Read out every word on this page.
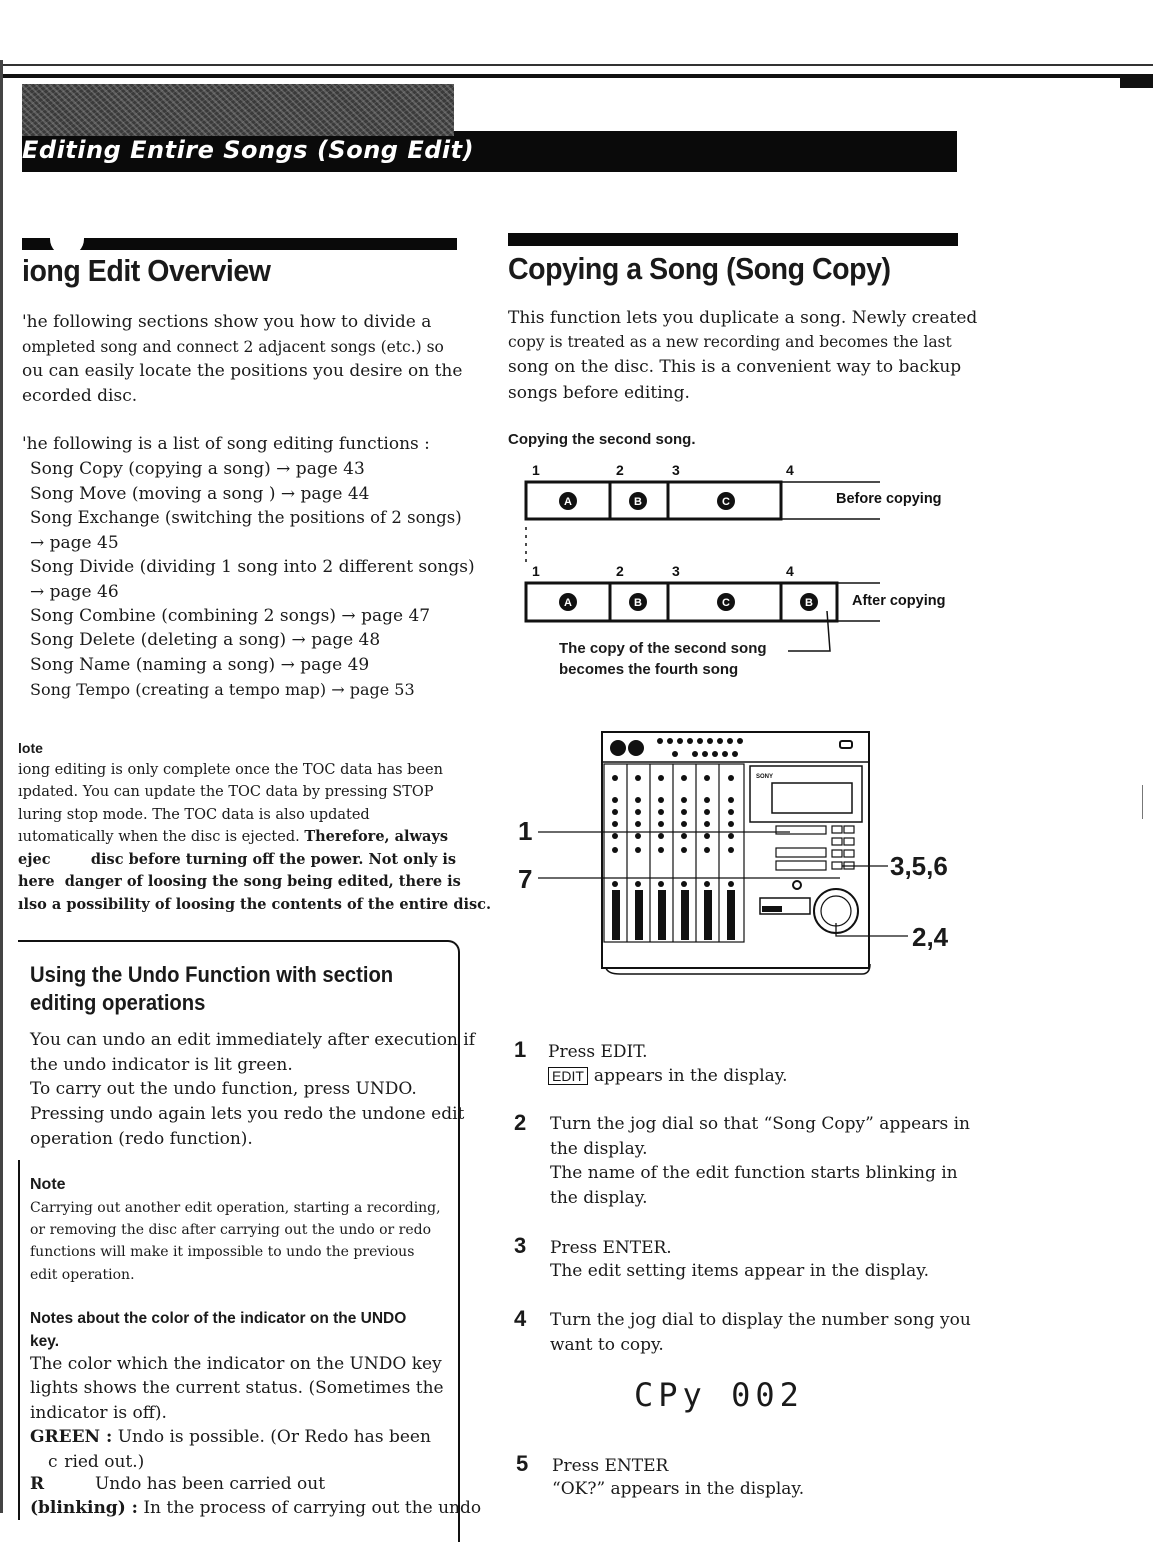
Editing Entire Songs (Song Edit)
iong Edit Overview
'he following sections show you how to divide a
ompleted song and connect 2 adjacent songs (etc.) so
ou can easily locate the positions you desire on the
ecorded disc.
'he following is a list of song editing functions :
Song Copy (copying a song) → page 43
Song Move (moving a song ) → page 44
Song Exchange (switching the positions of 2 songs)
→ page 45
Song Divide (dividing 1 song into 2 different songs)
→ page 46
Song Combine (combining 2 songs) → page 47
Song Delete (deleting a song) → page 48
Song Name (naming a song) → page 49
Song Tempo (creating a tempo map) → page 53
lote
iong editing is only complete once the TOC data has been
ıpdated. You can update the TOC data by pressing STOP
luring stop mode. The TOC data is also updated
ıutomatically when the disc is ejected. Therefore, always
ejec        disc before turning off the power. Not only is
here  danger of loosing the song being edited, there is
ılso a possibility of loosing the contents of the entire disc.
Using the Undo Function with section
editing operations
You can undo an edit immediately after execution if
the undo indicator is lit green.
To carry out the undo function, press UNDO.
Pressing undo again lets you redo the undone edit
operation (redo function).
Note
Carrying out another edit operation, starting a recording,
or removing the disc after carrying out the undo or redo
functions will make it impossible to undo the previous
edit operation.
Notes about the color of the indicator on the UNDO
key.
The color which the indicator on the UNDO key
lights shows the current status. (Sometimes the
indicator is off).
GREEN : Undo is possible. (Or Redo has been
c  ried out.)
R	Undo has been carried out
(blinking) : In the process of carrying out the undo
Copying a Song (Song Copy)
This function lets you duplicate a song. Newly created
copy is treated as a new recording and becomes the last
song on the disc. This is a convenient way to backup
songs before editing.
Copying the second song.
1	2	3	4
A	B	C	Before copying
1	2	3	4
A	B	C	B	After copying
The copy of the second song
becomes the fourth song
SONY
1
7	3,5,6
2,4
1 Press EDIT.
EDIT appears in the display.
2 Turn the jog dial so that “Song Copy” appears in
the display.
The name of the edit function starts blinking in
the display.
3 Press ENTER.
The edit setting items appear in the display.
4 Turn the jog dial to display the number song you
want to copy.
CPy 002
5 Press ENTER
“OK?” appears in the display.
